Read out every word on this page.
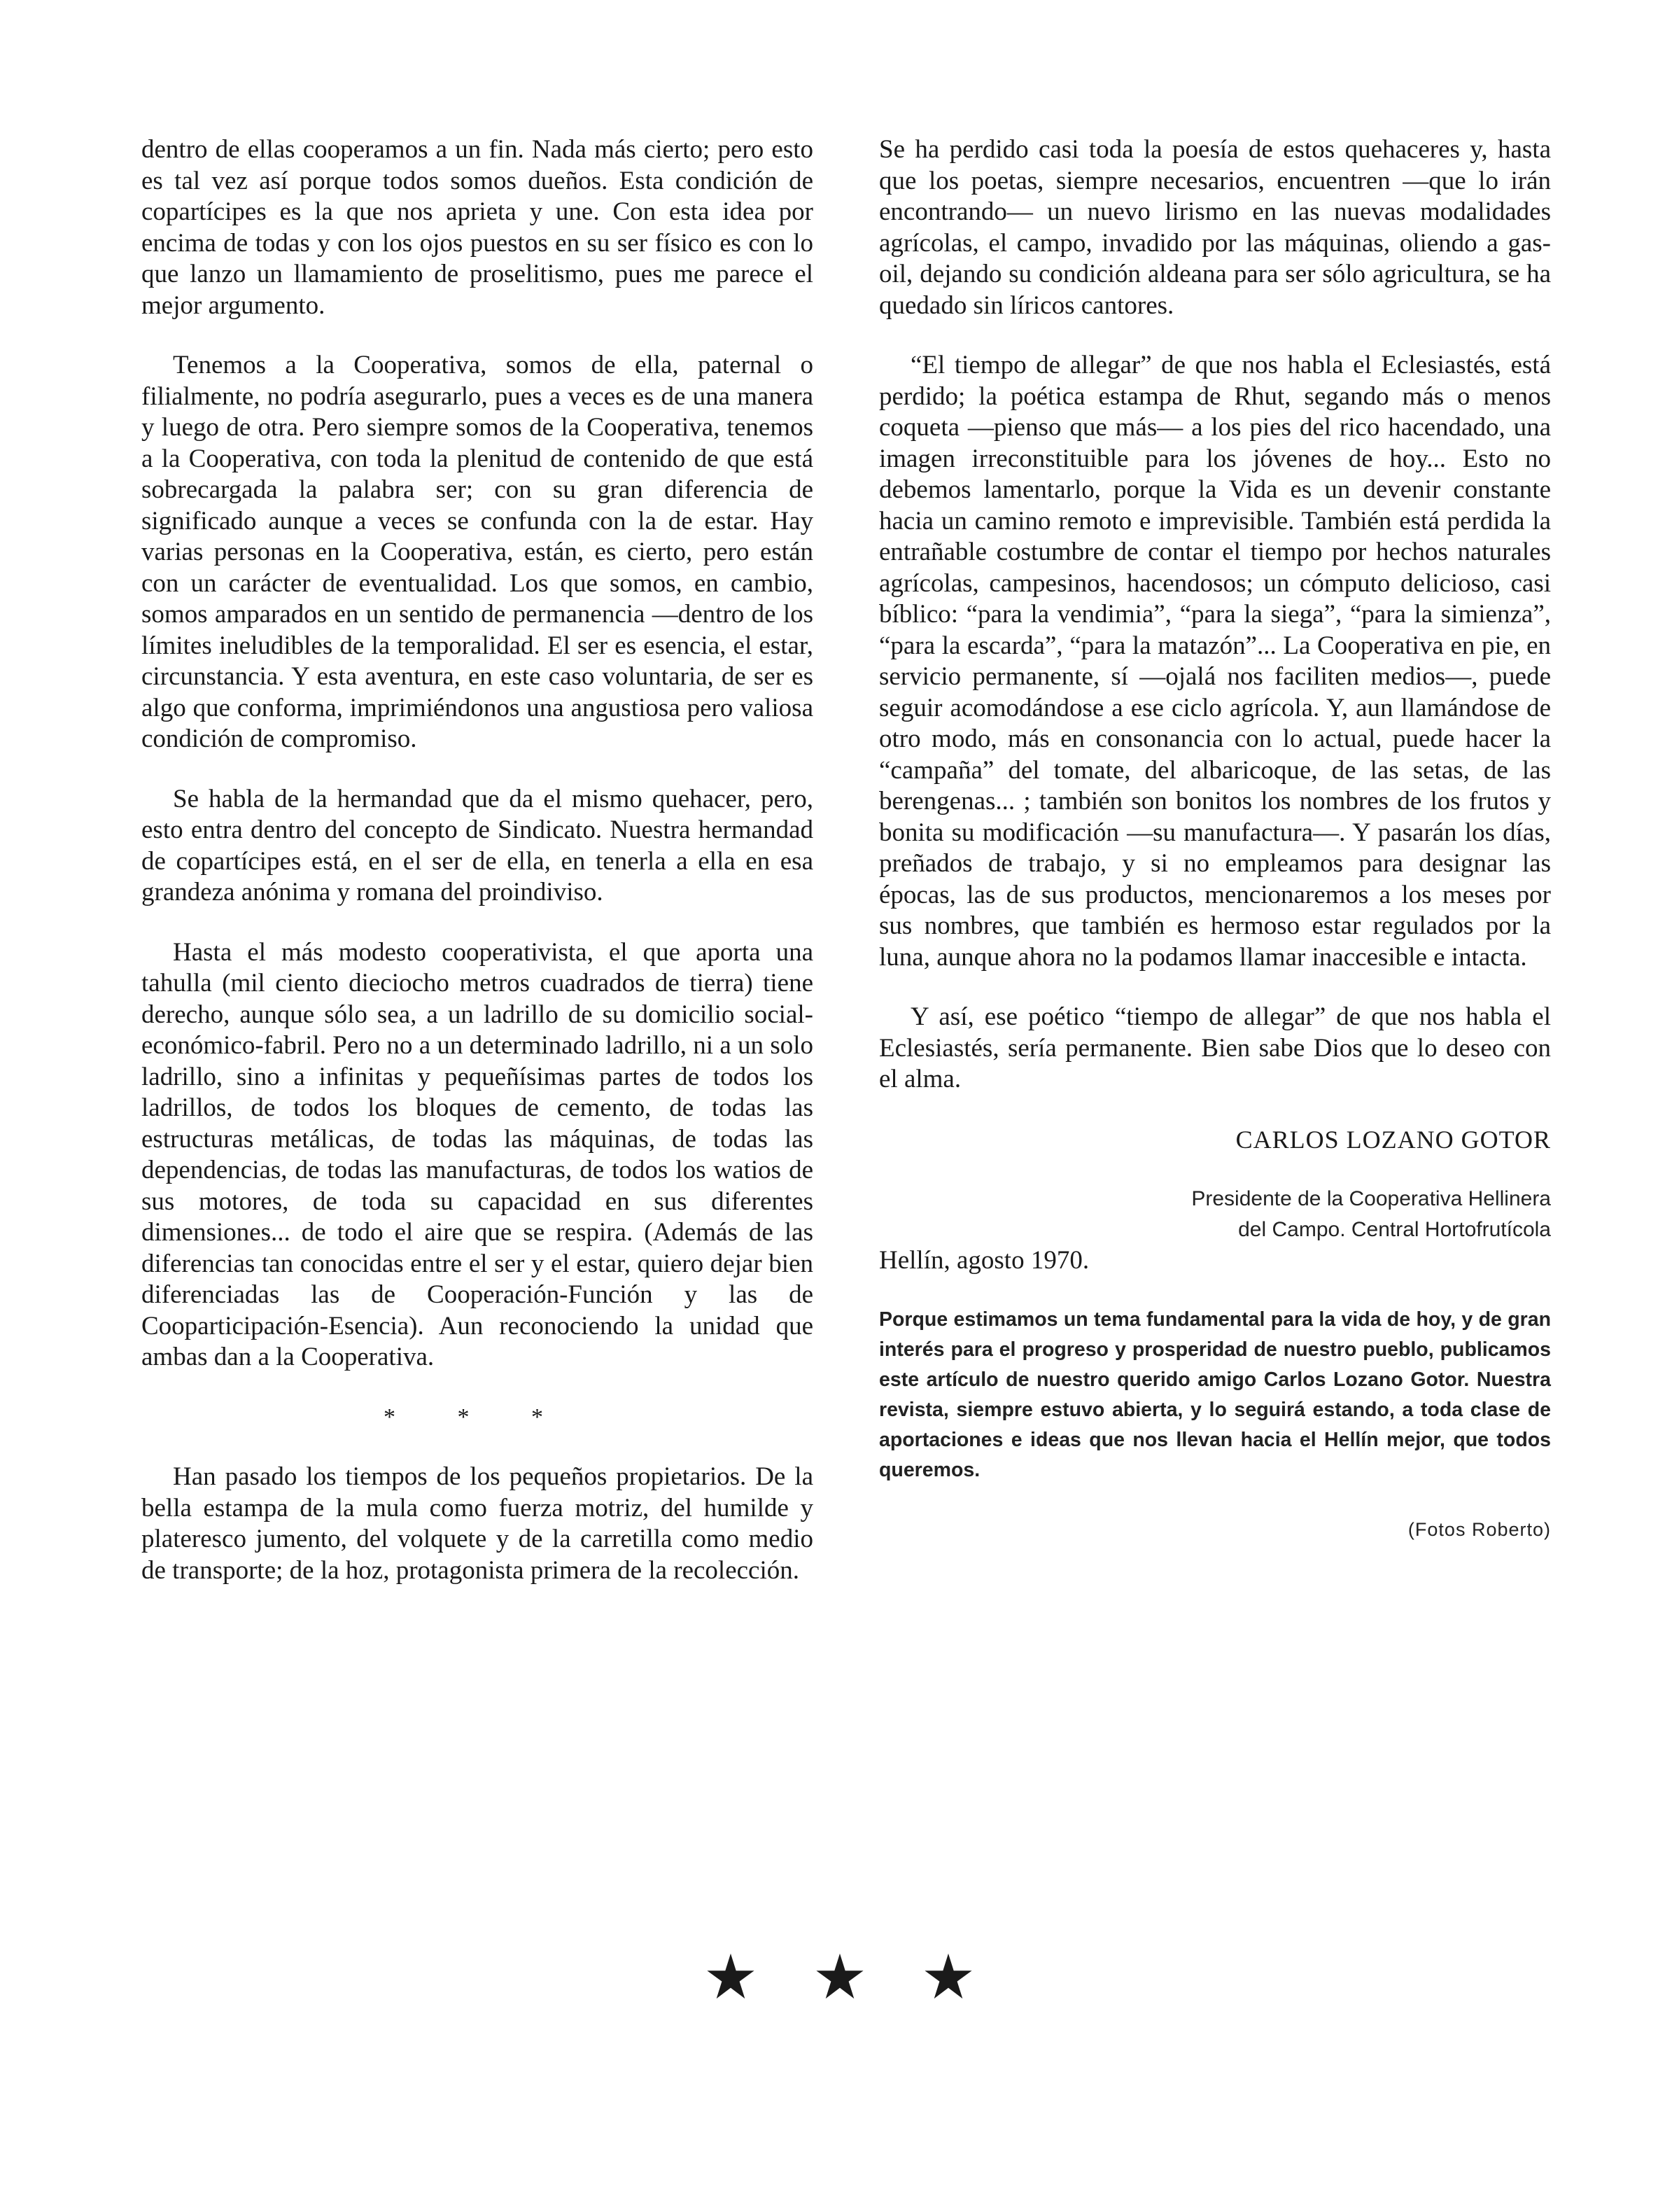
dentro de ellas cooperamos a un fin. Nada más cierto; pero esto es tal vez así porque todos somos dueños. Esta condición de copartícipes es la que nos aprieta y une. Con esta idea por encima de todas y con los ojos puestos en su ser físico es con lo que lanzo un llamamiento de proselitismo, pues me parece el mejor argumento.

Tenemos a la Cooperativa, somos de ella, paternal o filialmente, no podría asegurarlo, pues a veces es de una manera y luego de otra. Pero siempre somos de la Cooperativa, tenemos a la Cooperativa, con toda la plenitud de contenido de que está sobrecargada la palabra ser; con su gran diferencia de significado aunque a veces se confunda con la de estar. Hay varias personas en la Cooperativa, están, es cierto, pero están con un carácter de eventualidad. Los que somos, en cambio, somos amparados en un sentido de permanencia —dentro de los límites ineludibles de la temporalidad. El ser es esencia, el estar, circunstancia. Y esta aventura, en este caso voluntaria, de ser es algo que conforma, imprimiéndonos una angustiosa pero valiosa condición de compromiso.

Se habla de la hermandad que da el mismo quehacer, pero, esto entra dentro del concepto de Sindicato. Nuestra hermandad de copartícipes está, en el ser de ella, en tenerla a ella en esa grandeza anónima y romana del proindiviso.

Hasta el más modesto cooperativista, el que aporta una tahulla (mil ciento dieciocho metros cuadrados de tierra) tiene derecho, aunque sólo sea, a un ladrillo de su domicilio social-económico-fabril. Pero no a un determinado ladrillo, ni a un solo ladrillo, sino a infinitas y pequeñísimas partes de todos los ladrillos, de todos los bloques de cemento, de todas las estructuras metálicas, de todas las máquinas, de todas las dependencias, de todas las manufacturas, de todos los watios de sus motores, de toda su capacidad en sus diferentes dimensiones... de todo el aire que se respira. (Además de las diferencias tan conocidas entre el ser y el estar, quiero dejar bien diferenciadas las de Cooperación-Función y las de Cooparticipación-Esencia). Aun reconociendo la unidad que ambas dan a la Cooperativa.

* * *

Han pasado los tiempos de los pequeños propietarios. De la bella estampa de la mula como fuerza motriz, del humilde y plateresco jumento, del volquete y de la carretilla como medio de transporte; de la hoz, protagonista primera de la recolección.

Se ha perdido casi toda la poesía de estos quehaceres y, hasta que los poetas, siempre necesarios, encuentren —que lo irán encontrando— un nuevo lirismo en las nuevas modalidades agrícolas, el campo, invadido por las máquinas, oliendo a gas-oil, dejando su condición aldeana para ser sólo agricultura, se ha quedado sin líricos cantores.

“El tiempo de allegar” de que nos habla el Eclesiastés, está perdido; la poética estampa de Rhut, segando más o menos coqueta —pienso que más— a los pies del rico hacendado, una imagen irreconstituible para los jóvenes de hoy... Esto no debemos lamentarlo, porque la Vida es un devenir constante hacia un camino remoto e imprevisible. También está perdida la entrañable costumbre de contar el tiempo por hechos naturales agrícolas, campesinos, hacendosos; un cómputo delicioso, casi bíblico: “para la vendimia”, “para la siega”, “para la simienza”, “para la escarda”, “para la matazón”... La Cooperativa en pie, en servicio permanente, sí —ojalá nos faciliten medios—, puede seguir acomodándose a ese ciclo agrícola. Y, aun llamándose de otro modo, más en consonancia con lo actual, puede hacer la “campaña” del tomate, del albaricoque, de las setas, de las berengenas... ; también son bonitos los nombres de los frutos y bonita su modificación —su manufactura—. Y pasarán los días, preñados de trabajo, y si no empleamos para designar las épocas, las de sus productos, mencionaremos a los meses por sus nombres, que también es hermoso estar regulados por la luna, aunque ahora no la podamos llamar inaccesible e intacta.

Y así, ese poético “tiempo de allegar” de que nos habla el Eclesiastés, sería permanente. Bien sabe Dios que lo deseo con el alma.

CARLOS LOZANO GOTOR

Presidente de la Cooperativa Hellinera
del Campo. Central Hortofrutícola

Hellín, agosto 1970.

Porque estimamos un tema fundamental para la vida de hoy, y de gran interés para el progreso y prosperidad de nuestro pueblo, publicamos este artículo de nuestro querido amigo Carlos Lozano Gotor. Nuestra revista, siempre estuvo abierta, y lo seguirá estando, a toda clase de aportaciones e ideas que nos llevan hacia el Hellín mejor, que todos queremos.

(Fotos Roberto)
